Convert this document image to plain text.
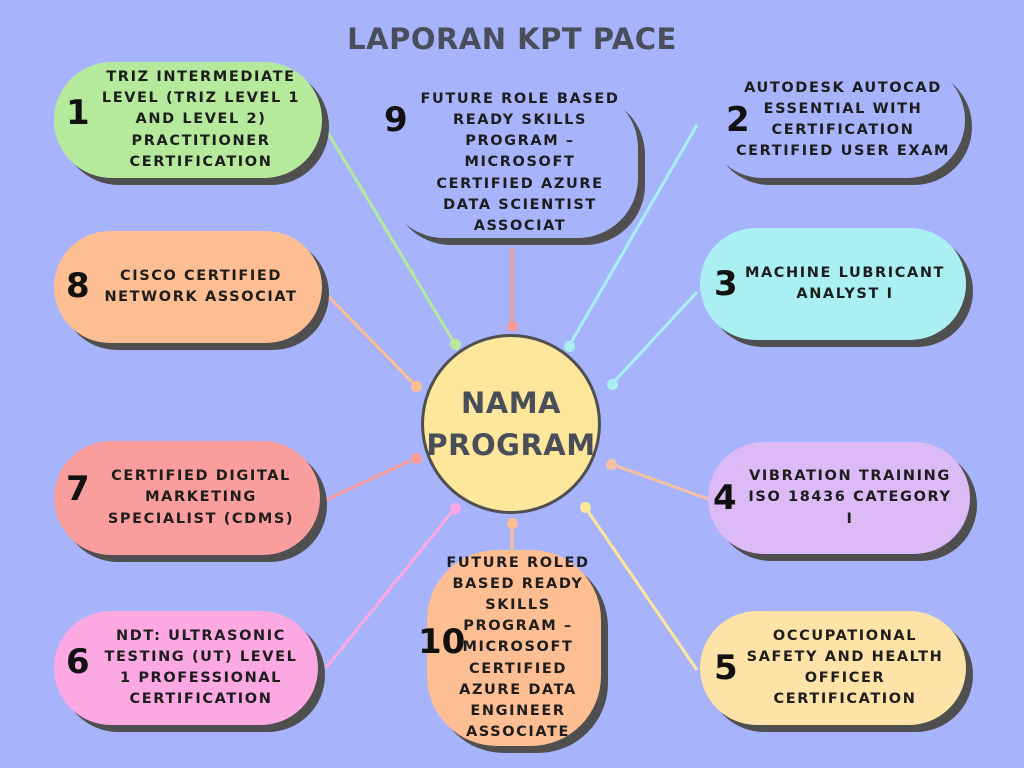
LAPORAN KPT PACE
NAMA
PROGRAM
TRIZ INTERMEDIATE LEVEL (TRIZ LEVEL 1 AND LEVEL 2) PRACTITIONER CERTIFICATION
1
AUTODESK AUTOCAD ESSENTIAL WITH CERTIFICATION CERTIFIED USER EXAM
2
MACHINE LUBRICANT ANALYST I
3
VIBRATION TRAINING ISO 18436 CATEGORY I
4
OCCUPATIONAL SAFETY AND HEALTH OFFICER CERTIFICATION
5
NDT: ULTRASONIC TESTING (UT) LEVEL 1 PROFESSIONAL CERTIFICATION
6
CERTIFIED DIGITAL MARKETING SPECIALIST (CDMS)
7
CISCO CERTIFIED NETWORK ASSOCIAT
8
FUTURE ROLE BASED READY SKILLS PROGRAM – MICROSOFT CERTIFIED AZURE DATA SCIENTIST ASSOCIAT
9
FUTURE ROLED BASED READY SKILLS PROGRAM – MICROSOFT CERTIFIED AZURE DATA ENGINEER ASSOCIATE
10
